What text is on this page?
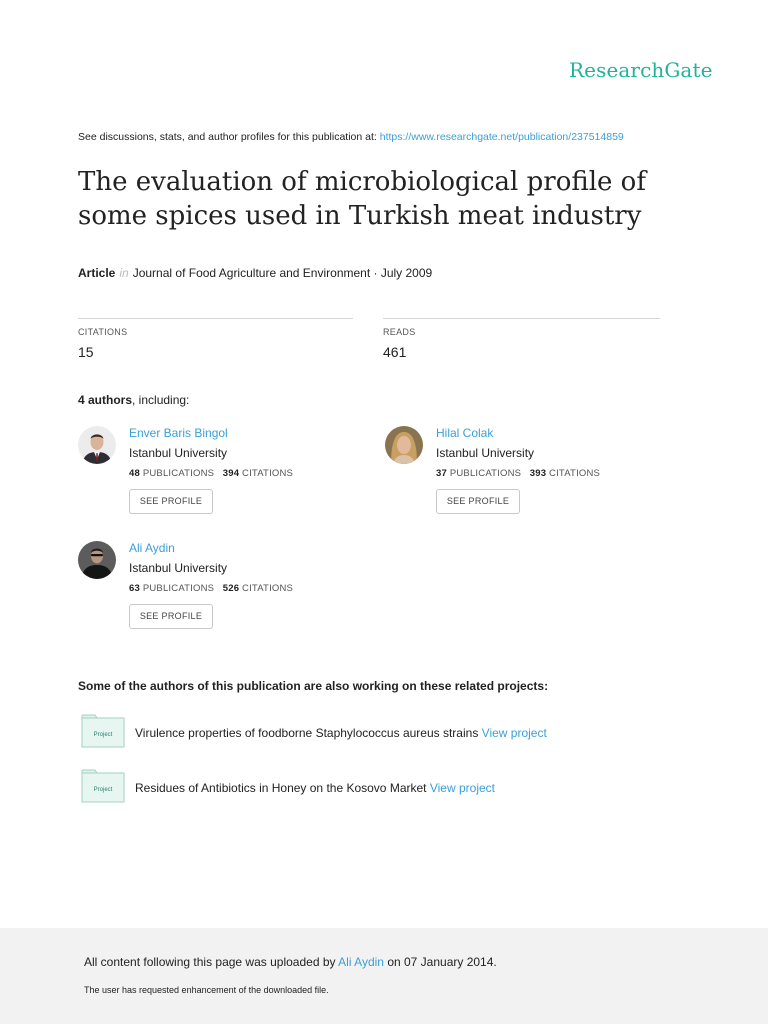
ResearchGate
See discussions, stats, and author profiles for this publication at: https://www.researchgate.net/publication/237514859
The evaluation of microbiological profile of some spices used in Turkish meat industry
Article in Journal of Food Agriculture and Environment · July 2009
CITATIONS
15
READS
461
4 authors, including:
Enver Baris Bingol
Istanbul University
48 PUBLICATIONS 394 CITATIONS
SEE PROFILE
Hilal Colak
Istanbul University
37 PUBLICATIONS 393 CITATIONS
SEE PROFILE
Ali Aydin
Istanbul University
63 PUBLICATIONS 526 CITATIONS
SEE PROFILE
Some of the authors of this publication are also working on these related projects:
Project Virulence properties of foodborne Staphylococcus aureus strains View project
Project Residues of Antibiotics in Honey on the Kosovo Market View project
All content following this page was uploaded by Ali Aydin on 07 January 2014.
The user has requested enhancement of the downloaded file.
